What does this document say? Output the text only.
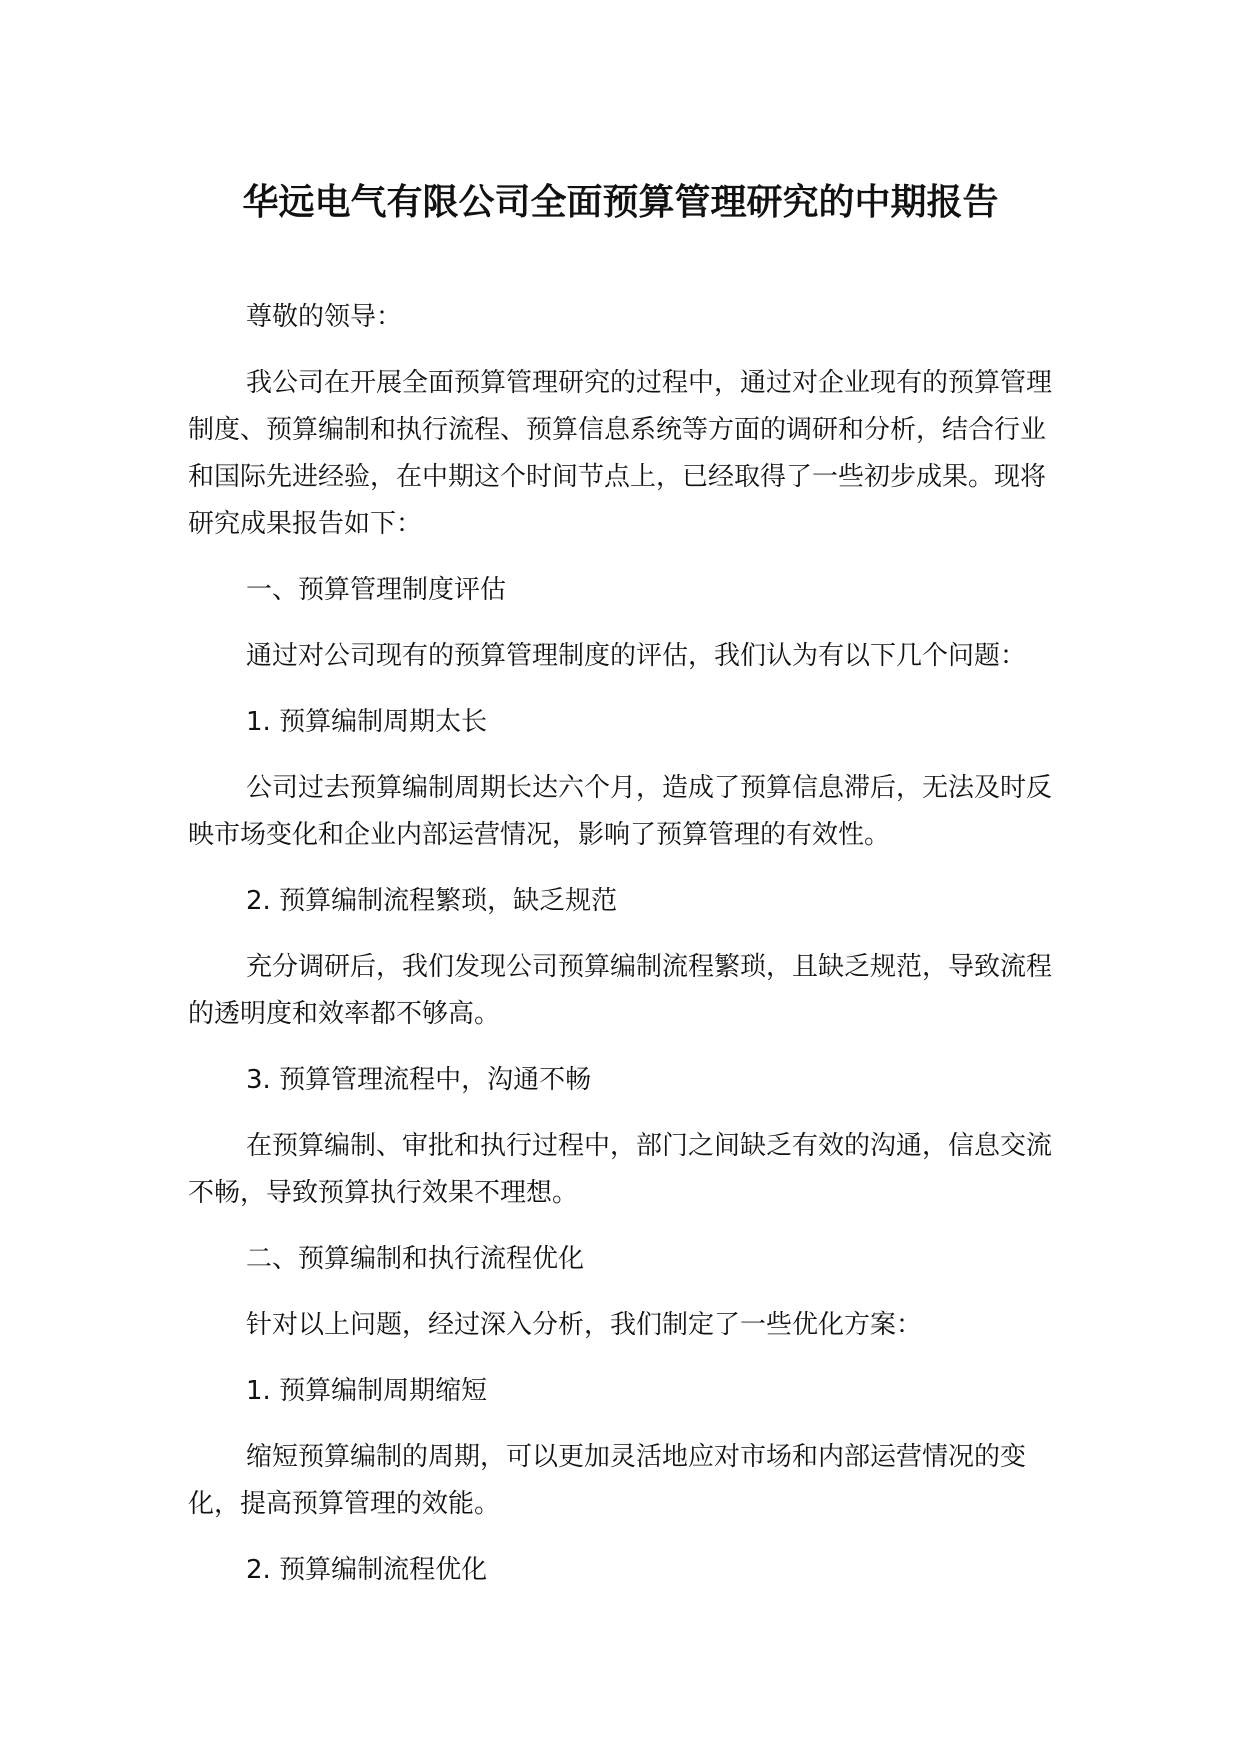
华远电气有限公司全面预算管理研究的中期报告

尊敬的领导：

我公司在开展全面预算管理研究的过程中，通过对企业现有的预算管理制度、预算编制和执行流程、预算信息系统等方面的调研和分析，结合行业和国际先进经验，在中期这个时间节点上，已经取得了一些初步成果。现将研究成果报告如下：

一、预算管理制度评估

通过对公司现有的预算管理制度的评估，我们认为有以下几个问题：

1. 预算编制周期太长

公司过去预算编制周期长达六个月，造成了预算信息滞后，无法及时反映市场变化和企业内部运营情况，影响了预算管理的有效性。

2. 预算编制流程繁琐，缺乏规范

充分调研后，我们发现公司预算编制流程繁琐，且缺乏规范，导致流程的透明度和效率都不够高。

3. 预算管理流程中，沟通不畅

在预算编制、审批和执行过程中，部门之间缺乏有效的沟通，信息交流不畅，导致预算执行效果不理想。

二、预算编制和执行流程优化

针对以上问题，经过深入分析，我们制定了一些优化方案：

1. 预算编制周期缩短

缩短预算编制的周期，可以更加灵活地应对市场和内部运营情况的变化，提高预算管理的效能。

2. 预算编制流程优化
